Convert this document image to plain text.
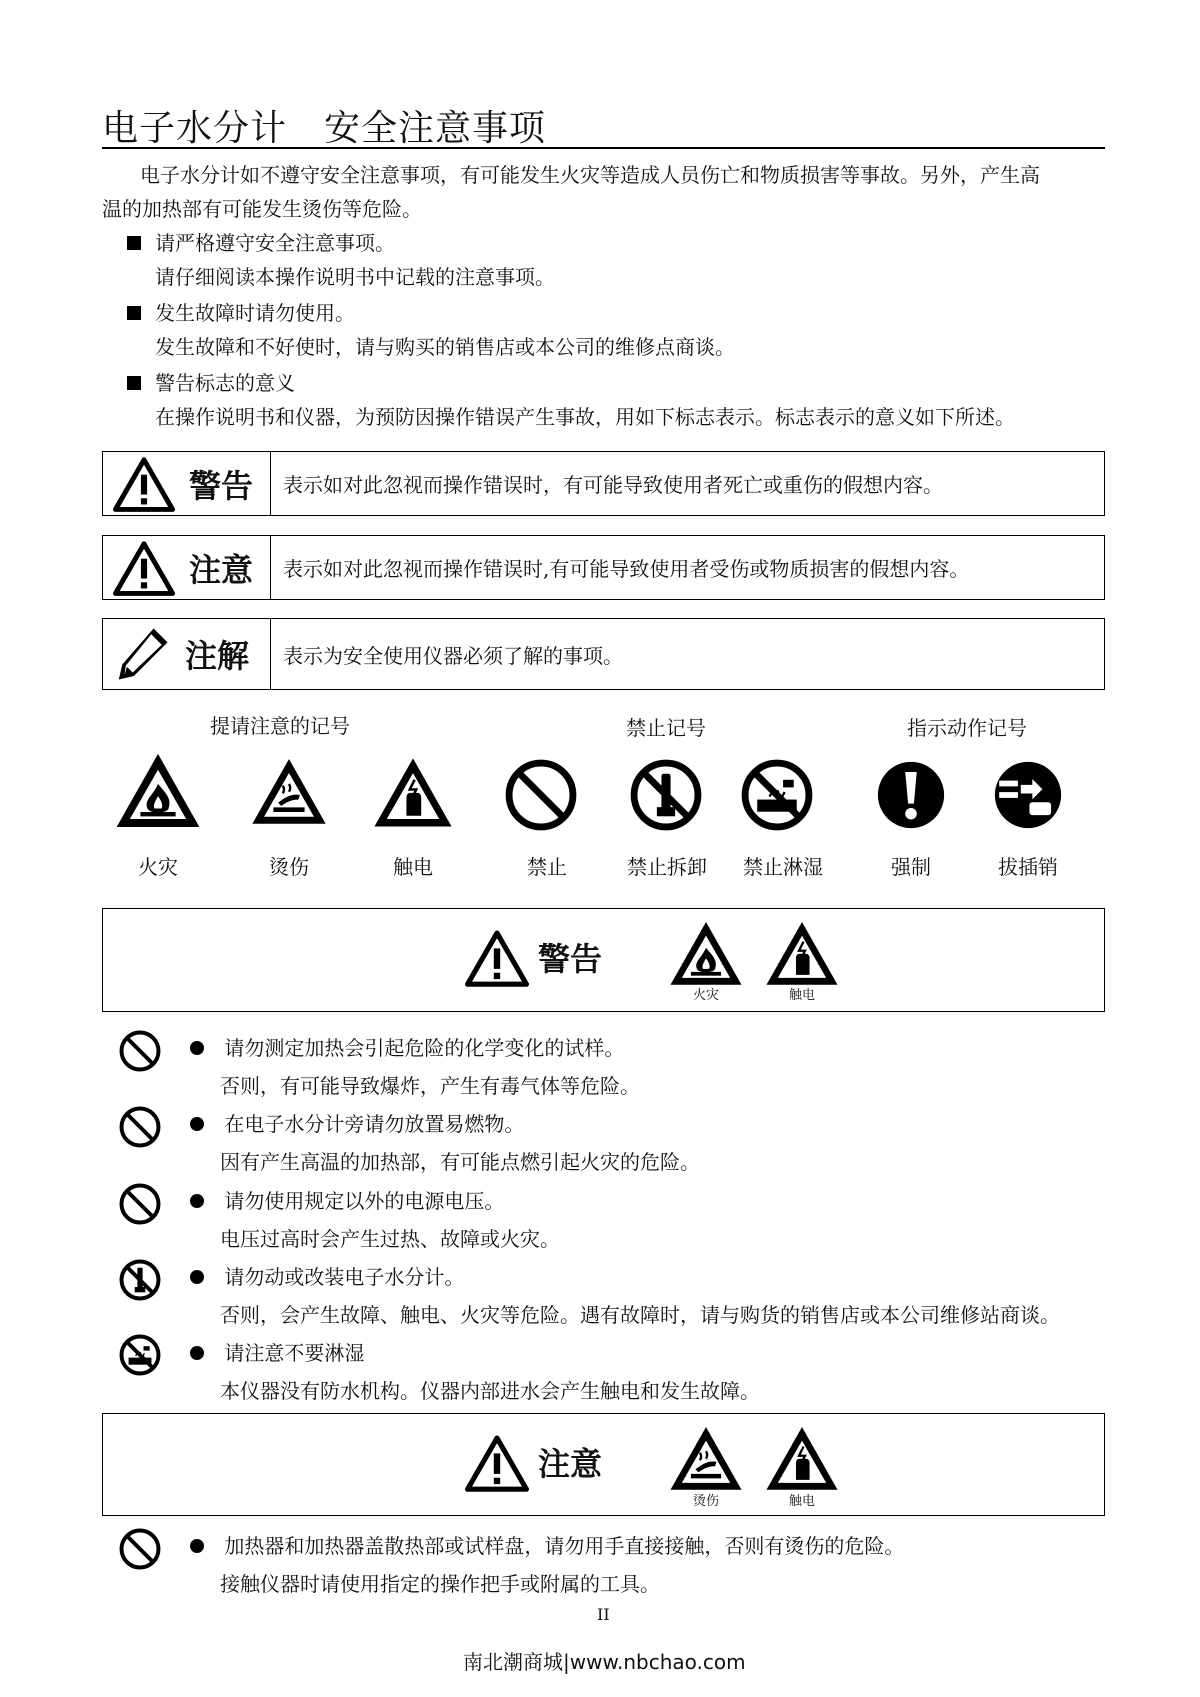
电子水分计　安全注意事项
电子水分计如不遵守安全注意事项，有可能发生火灾等造成人员伤亡和物质损害等事故。另外，产生高
温的加热部有可能发生烫伤等危险。
请严格遵守安全注意事项。
请仔细阅读本操作说明书中记载的注意事项。
发生故障时请勿使用。
发生故障和不好使时，请与购买的销售店或本公司的维修点商谈。
警告标志的意义
在操作说明书和仪器，为预防因操作错误产生事故，用如下标志表示。标志表示的意义如下所述。
警告	表示如对此忽视而操作错误时，有可能导致使用者死亡或重伤的假想内容。
注意	表示如对此忽视而操作错误时,有可能导致使用者受伤或物质损害的假想内容。
注解	表示为安全使用仪器必须了解的事项。
提请注意的记号	禁止记号	指示动作记号
火灾	烫伤	触电	禁止	禁止拆卸	禁止淋湿	强制	拔插销
警告
火灾	触电
请勿测定加热会引起危险的化学变化的试样。
否则，有可能导致爆炸，产生有毒气体等危险。
在电子水分计旁请勿放置易燃物。
因有产生高温的加热部，有可能点燃引起火灾的危险。
请勿使用规定以外的电源电压。
电压过高时会产生过热、故障或火灾。
请勿动或改装电子水分计。
否则，会产生故障、触电、火灾等危险。遇有故障时，请与购货的销售店或本公司维修站商谈。
请注意不要淋湿
本仪器没有防水机构。仪器内部进水会产生触电和发生故障。
注意
烫伤	触电
加热器和加热器盖散热部或试样盘，请勿用手直接接触，否则有烫伤的危险。
接触仪器时请使用指定的操作把手或附属的工具。
II
南北潮商城|www.nbchao.com
